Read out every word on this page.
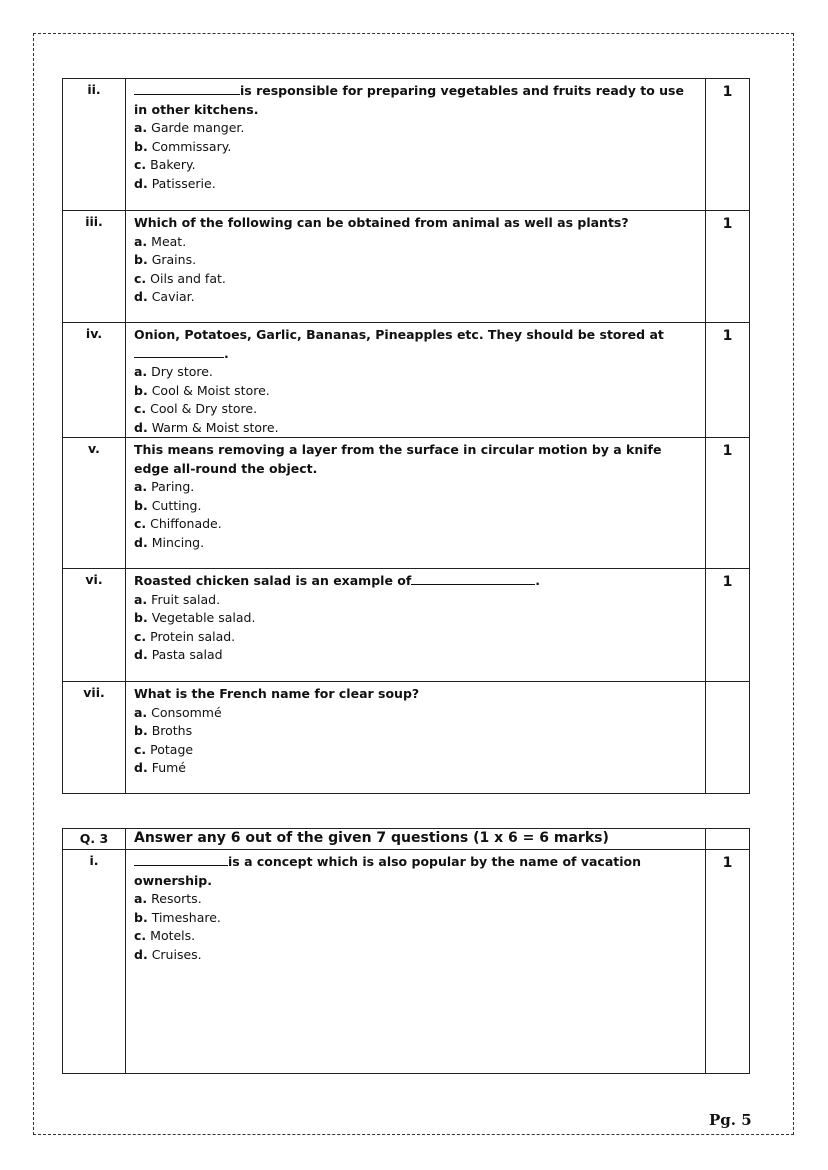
ii.	is responsible for preparing vegetables and fruits ready to use in other kitchens.
a. Garde manger.
b. Commissary.
c. Bakery.
d. Patisserie.	1
iii.	Which of the following can be obtained from animal as well as plants?
a. Meat.
b. Grains.
c. Oils and fat.
d. Caviar.	1
iv.	Onion, Potatoes, Garlic, Bananas, Pineapples etc. They should be stored at.
a. Dry store.
b. Cool & Moist store.
c. Cool & Dry store.
d. Warm & Moist store.	1
v.	This means removing a layer from the surface in circular motion by a knife edge all-round the object.
a. Paring.
b. Cutting.
c. Chiffonade.
d. Mincing.	1
vi.	Roasted chicken salad is an example of .
a. Fruit salad.
b. Vegetable salad.
c. Protein salad.
d. Pasta salad	1
vii.	What is the French name for clear soup?
a. Consommé
b. Broths
c. Potage
d. Fumé	

Q. 3	Answer any 6 out of the given 7 questions (1 x 6 = 6 marks)	
i.	is a concept which is also popular by the name of vacation ownership.
a. Resorts.
b. Timeshare.
c. Motels.
d. Cruises.	1
Pg. 5
